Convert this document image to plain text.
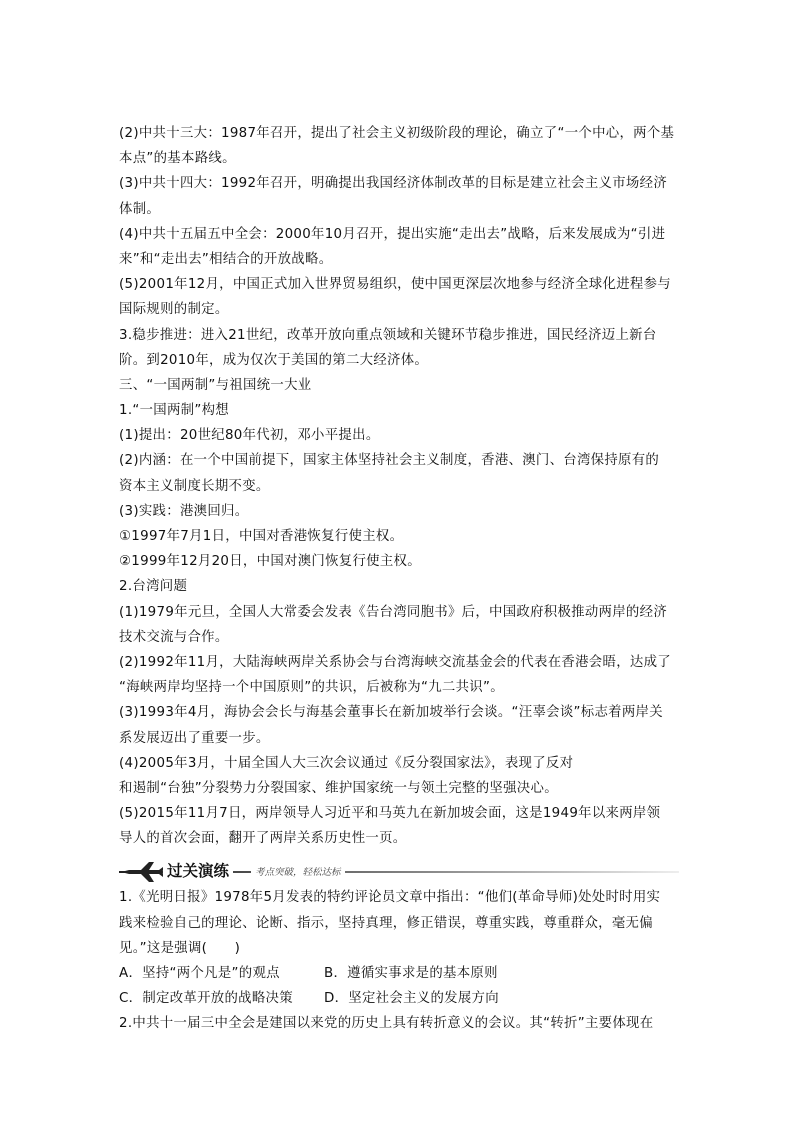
(2)中共十三大：1987年召开，提出了社会主义初级阶段的理论，确立了“一个中心，两个基
本点”的基本路线。
(3)中共十四大：1992年召开，明确提出我国经济体制改革的目标是建立社会主义市场经济
体制。
(4)中共十五届五中全会：2000年10月召开，提出实施“走出去”战略，后来发展成为“引进
来”和“走出去”相结合的开放战略。
(5)2001年12月，中国正式加入世界贸易组织，使中国更深层次地参与经济全球化进程参与
国际规则的制定。
3.稳步推进：进入21世纪，改革开放向重点领域和关键环节稳步推进，国民经济迈上新台
阶。到2010年，成为仅次于美国的第二大经济体。
三、“一国两制”与祖国统一大业
1.“一国两制”构想
(1)提出：20世纪80年代初，邓小平提出。
(2)内涵：在一个中国前提下，国家主体坚持社会主义制度，香港、澳门、台湾保持原有的
资本主义制度长期不变。
(3)实践：港澳回归。
①1997年7月1日，中国对香港恢复行使主权。
②1999年12月20日，中国对澳门恢复行使主权。
2.台湾问题
(1)1979年元旦，全国人大常委会发表《告台湾同胞书》后，中国政府积极推动两岸的经济
技术交流与合作。
(2)1992年11月，大陆海峡两岸关系协会与台湾海峡交流基金会的代表在香港会晤，达成了
“海峡两岸均坚持一个中国原则”的共识，后被称为“九二共识”。
(3)1993年4月，海协会会长与海基会董事长在新加坡举行会谈。“汪辜会谈”标志着两岸关
系发展迈出了重要一步。
(4)2005年3月，十届全国人大三次会议通过《反分裂国家法》，表现了反对
和遏制“台独”分裂势力分裂国家、维护国家统一与领土完整的坚强决心。
(5)2015年11月7日，两岸领导人习近平和马英九在新加坡会面，这是1949年以来两岸领
导人的首次会面，翻开了两岸关系历史性一页。
过关演练	考点突破，轻松达标
1.《光明日报》1978年5月发表的特约评论员文章中指出：“他们(革命导师)处处时时用实
践来检验自己的理论、论断、指示，坚持真理，修正错误，尊重实践，尊重群众，毫无偏
见。”这是强调(　　)
A．坚持“两个凡是”的观点	B．遵循实事求是的基本原则
C．制定改革开放的战略决策 D．坚定社会主义的发展方向
2.中共十一届三中全会是建国以来党的历史上具有转折意义的会议。其“转折”主要体现在
